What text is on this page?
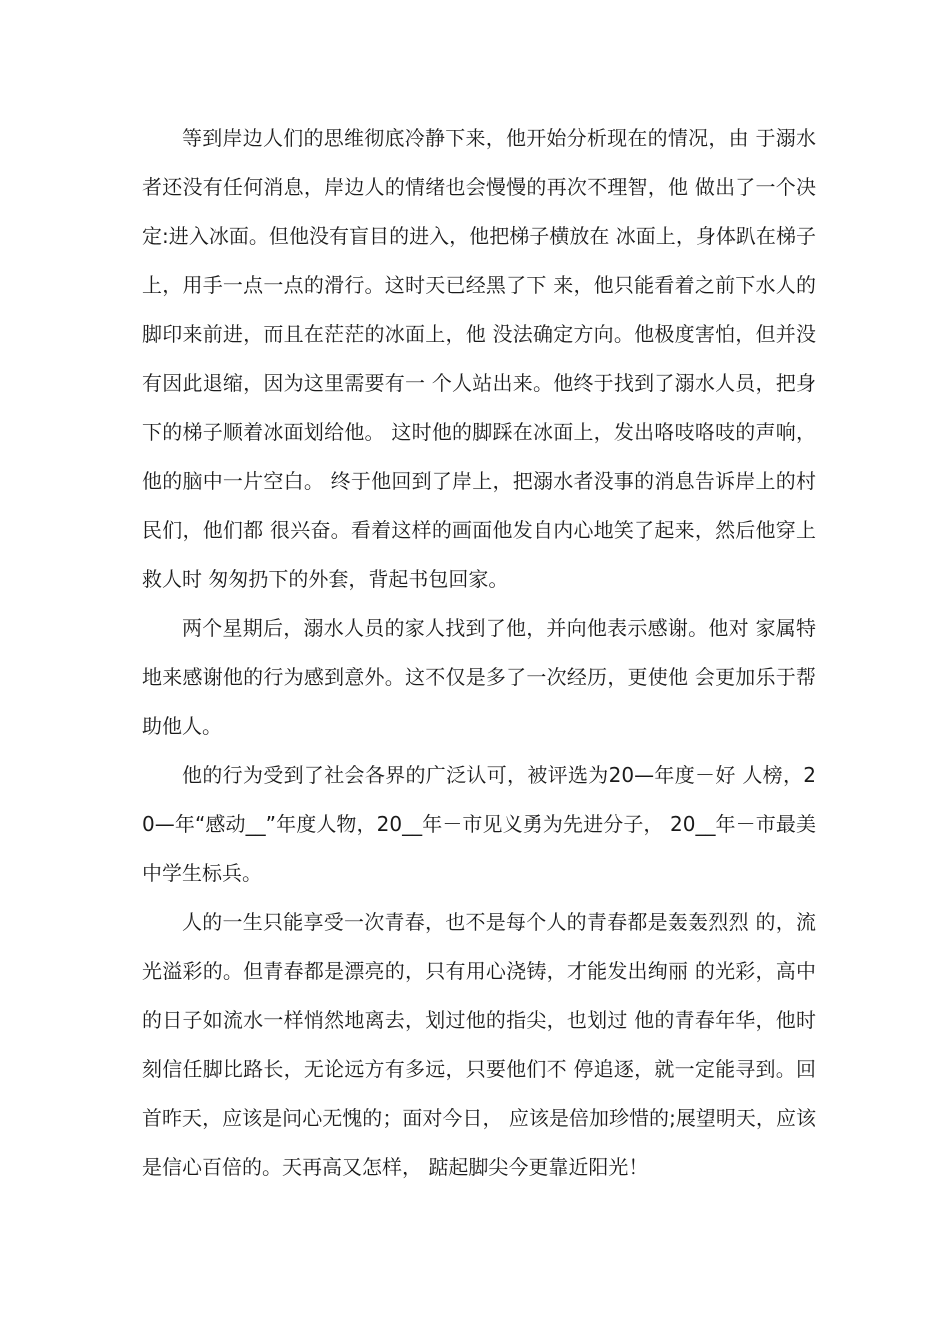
等到岸边人们的思维彻底冷静下来，他开始分析现在的情况，由 于溺水者还没有任何消息，岸边人的情绪也会慢慢的再次不理智，他 做出了一个决定:进入冰面。但他没有盲目的进入，他把梯子横放在 冰面上，身体趴在梯子上，用手一点一点的滑行。这时天已经黑了下 来，他只能看着之前下水人的脚印来前进，而且在茫茫的冰面上，他 没法确定方向。他极度害怕，但并没有因此退缩，因为这里需要有一 个人站出来。他终于找到了溺水人员，把身下的梯子顺着冰面划给他。 这时他的脚踩在冰面上，发出咯吱咯吱的声响，他的脑中一片空白。 终于他回到了岸上，把溺水者没事的消息告诉岸上的村民们，他们都 很兴奋。看着这样的画面他发自内心地笑了起来，然后他穿上救人时 匆匆扔下的外套，背起书包回家。

两个星期后，溺水人员的家人找到了他，并向他表示感谢。他对 家属特地来感谢他的行为感到意外。这不仅是多了一次经历，更使他 会更加乐于帮助他人。

他的行为受到了社会各界的广泛认可，被评选为20—年度－好 人榜，20—年“感动__”年度人物，20__年－市见义勇为先进分子， 20__年－市最美中学生标兵。

人的一生只能享受一次青春，也不是每个人的青春都是轰轰烈烈 的，流光溢彩的。但青春都是漂亮的，只有用心浇铸，才能发出绚丽 的光彩，高中的日子如流水一样悄然地离去，划过他的指尖，也划过 他的青春年华，他时刻信任脚比路长，无论远方有多远，只要他们不 停追逐，就一定能寻到。回首昨天，应该是问心无愧的；面对今日， 应该是倍加珍惜的;展望明天，应该是信心百倍的。天再高又怎样， 踮起脚尖今更靠近阳光！
